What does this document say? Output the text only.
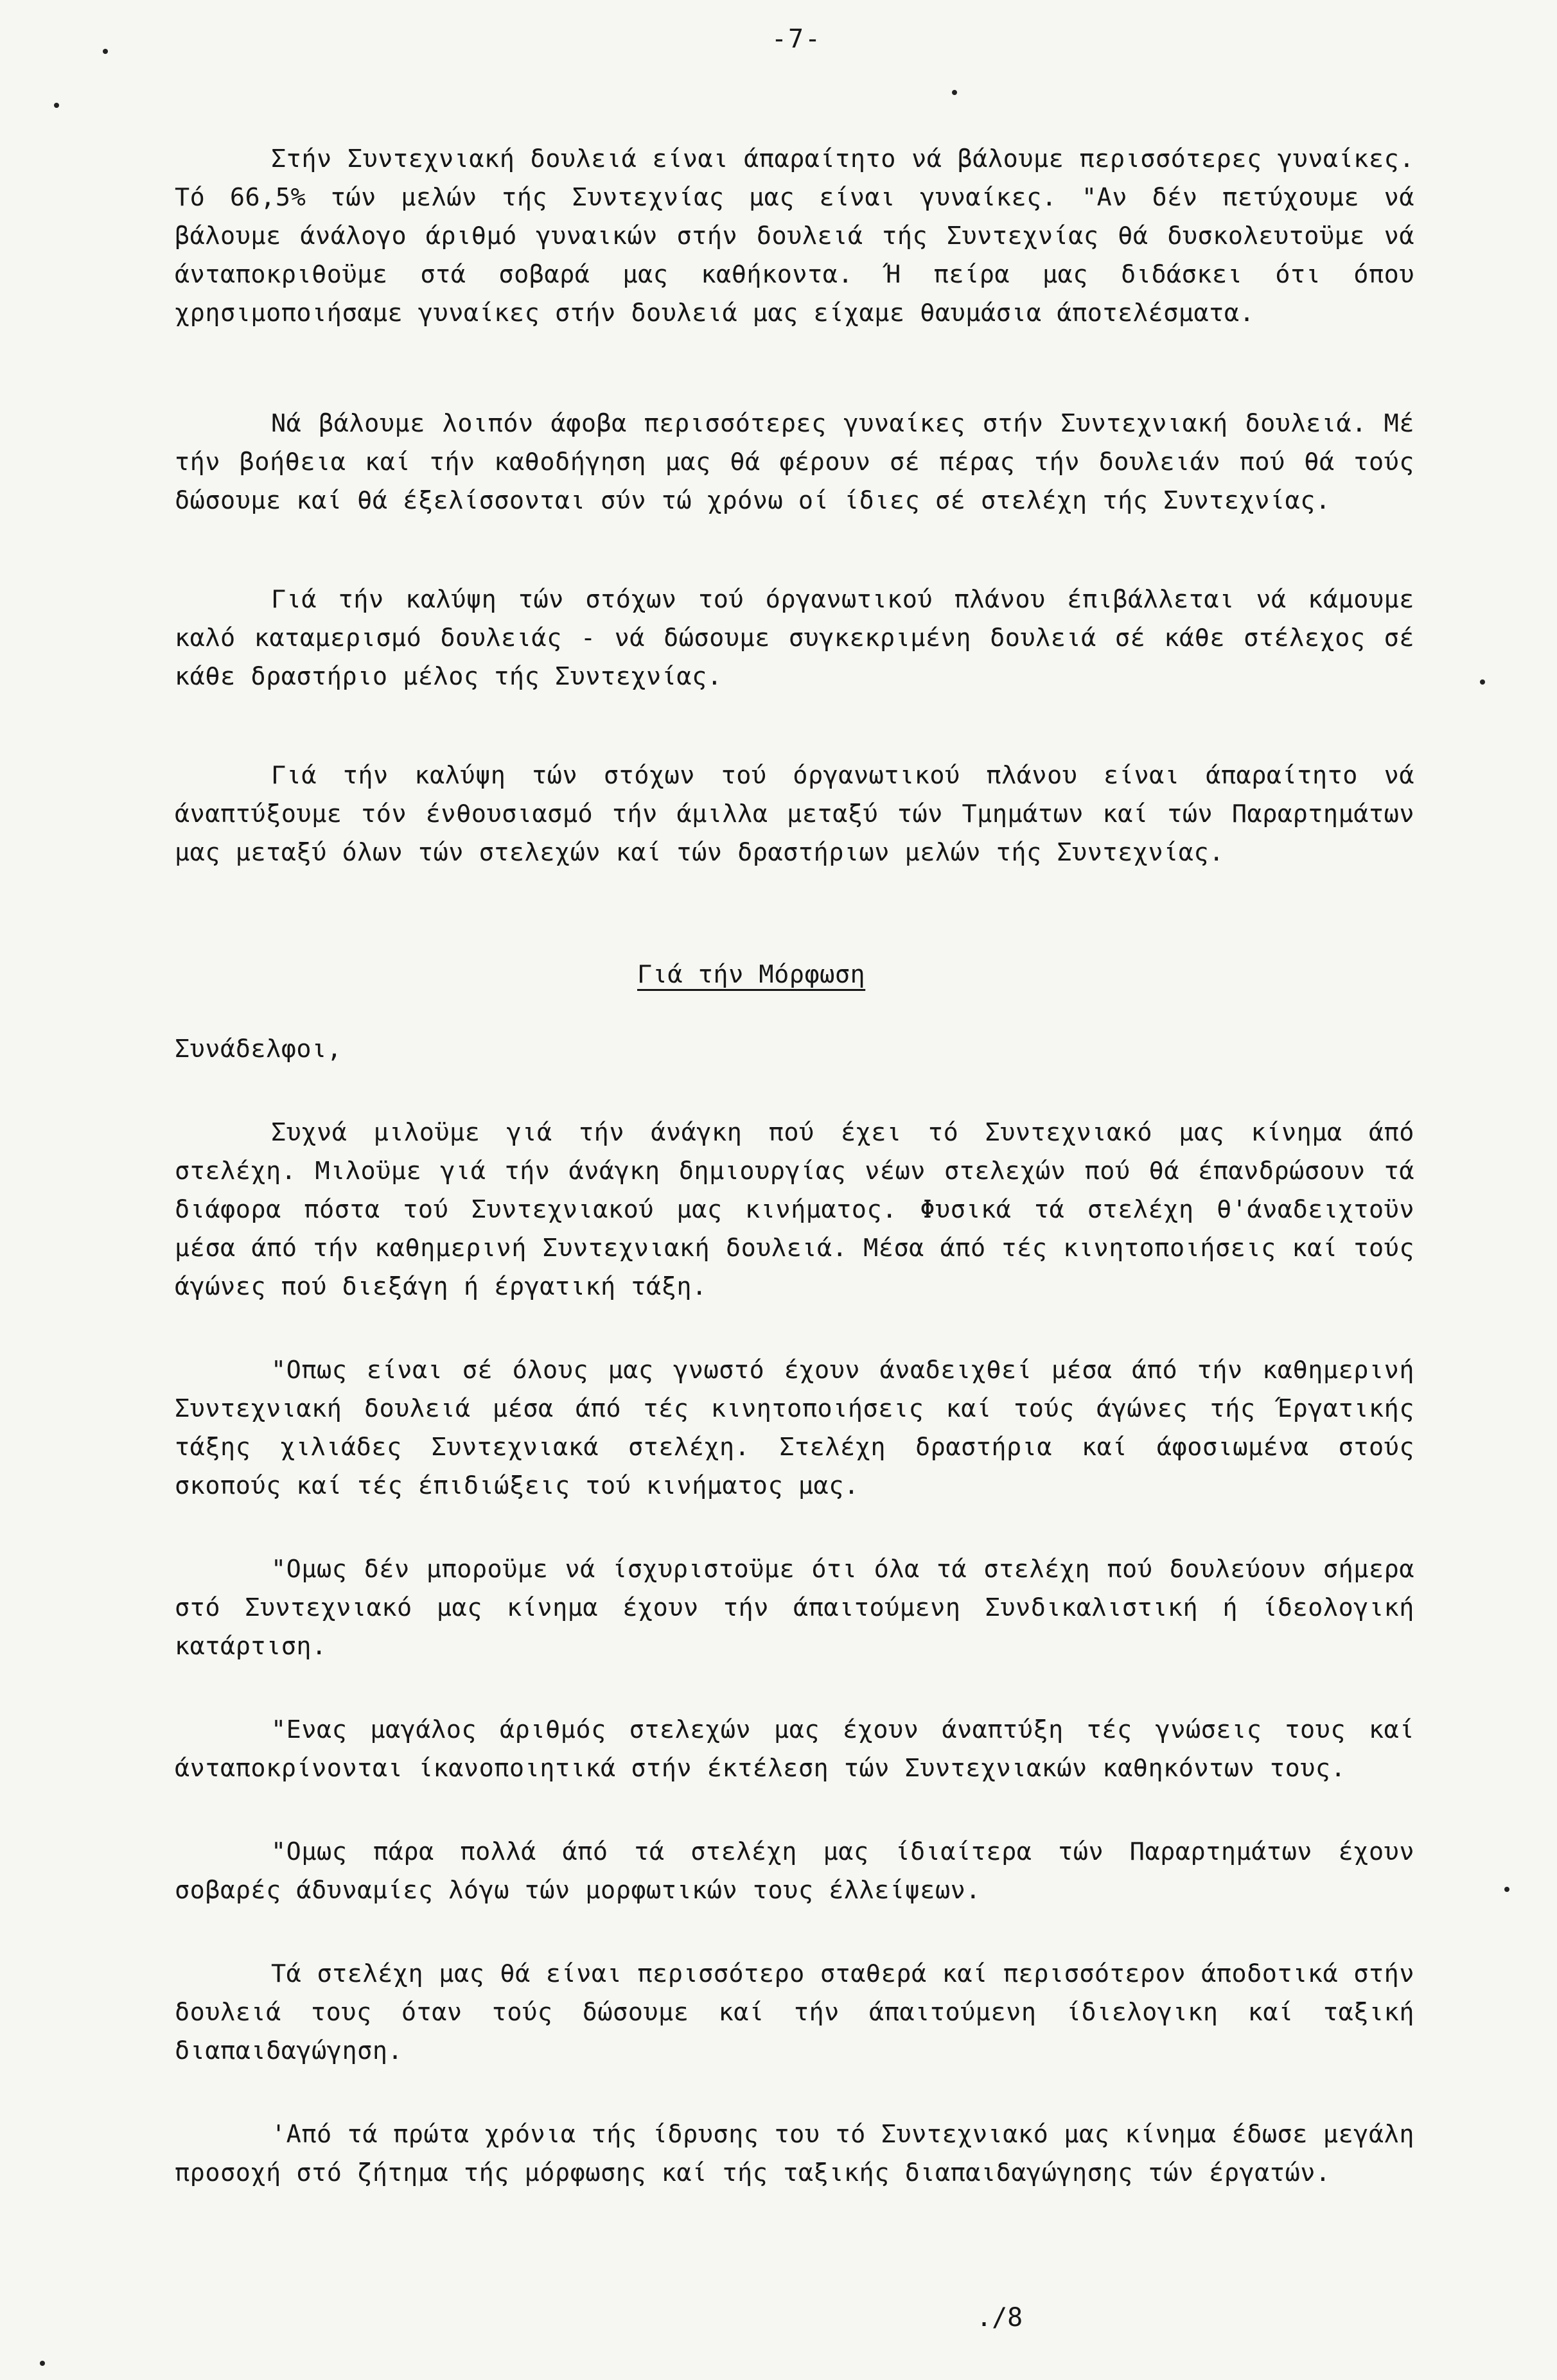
-7-

Στήν Συντεχνιακή δουλειά είναι άπαραίτητο νά βάλουμε περισσότερες γυναίκες. Τό 66,5% τών μελών τής Συντεχνίας μας είναι γυναίκες. "Αν δέν πετύχουμε νά βάλουμε άνάλογο άριθμό γυναικών στήν δουλειά τής Συντεχνίας θά δυσκολευτοϋμε νά άνταποκριθοϋμε στά σοβαρά μας καθήκοντα. Ή πείρα μας διδάσκει ότι όπου χρησιμοποιήσαμε γυναίκες στήν δουλειά μας είχαμε θαυμάσια άποτελέσματα.

Νά βάλουμε λοιπόν άφοβα περισσότερες γυναίκες στήν Συντεχνιακή δουλειά. Μέ τήν βοήθεια καί τήν καθοδήγηση μας θά φέρουν σέ πέρας τήν δουλειάν πού θά τούς δώσουμε καί θά έξελίσσονται σύν τώ χρόνω οί ίδιες σέ στελέχη τής Συντεχνίας.

Γιά τήν καλύψη τών στόχων τού όργανωτικού πλάνου έπιβάλλεται νά κάμουμε καλό καταμερισμό δουλειάς - νά δώσουμε συγκεκριμένη δουλειά σέ κάθε στέλεχος σέ κάθε δραστήριο μέλος τής Συντεχνίας.

Γιά τήν καλύψη τών στόχων τού όργανωτικού πλάνου είναι άπαραίτητο νά άναπτύξουμε τόν ένθουσιασμό τήν άμιλλα μεταξύ τών Τμημάτων καί τών Παραρτημάτων μας μεταξύ όλων τών στελεχών καί τών δραστήριων μελών τής Συντεχνίας.

Γιά τήν Μόρφωση

Συνάδελφοι,

Συχνά μιλοϋμε γιά τήν άνάγκη πού έχει τό Συντεχνιακό μας κίνημα άπό στελέχη. Μιλοϋμε γιά τήν άνάγκη δημιουργίας νέων στελεχών πού θά έπανδρώσουν τά διάφορα πόστα τού Συντεχνιακού μας κινήματος. Φυσικά τά στελέχη θ'άναδειχτοϋν μέσα άπό τήν καθημερινή Συντεχνιακή δουλειά. Μέσα άπό τές κινητοποιήσεις καί τούς άγώνες πού διεξάγη ή έργατική τάξη.

"Οπως είναι σέ όλους μας γνωστό έχουν άναδειχθεί μέσα άπό τήν καθημερινή Συντεχνιακή δουλειά μέσα άπό τές κινητοποιήσεις καί τούς άγώνες τής Έργατικής τάξης χιλιάδες Συντεχνιακά στελέχη. Στελέχη δραστήρια καί άφοσιωμένα στούς σκοπούς καί τές έπιδιώξεις τού κινήματος μας.

"Ομως δέν μποροϋμε νά ίσχυριστοϋμε ότι όλα τά στελέχη πού δουλεύουν σήμερα στό Συντεχνιακό μας κίνημα έχουν τήν άπαιτούμενη Συνδικαλιστική ή ίδεολογική κατάρτιση.

"Ενας μαγάλος άριθμός στελεχών μας έχουν άναπτύξη τές γνώσεις τους καί άνταποκρίνονται ίκανοποιητικά στήν έκτέλεση τών Συντεχνιακών καθηκόντων τους.

"Ομως πάρα πολλά άπό τά στελέχη μας ίδιαίτερα τών Παραρτημάτων έχουν σοβαρές άδυναμίες λόγω τών μορφωτικών τους έλλείψεων.

Τά στελέχη μας θά είναι περισσότερο σταθερά καί περισσότερον άποδοτικά στήν δουλειά τους όταν τούς δώσουμε καί τήν άπαιτούμενη ίδιελογικη καί ταξική διαπαιδαγώγηση.

'Από τά πρώτα χρόνια τής ίδρυσης του τό Συντεχνιακό μας κίνημα έδωσε μεγάλη προσοχή στό ζήτημα τής μόρφωσης καί τής ταξικής διαπαιδαγώγησης τών έργατών.

./8
